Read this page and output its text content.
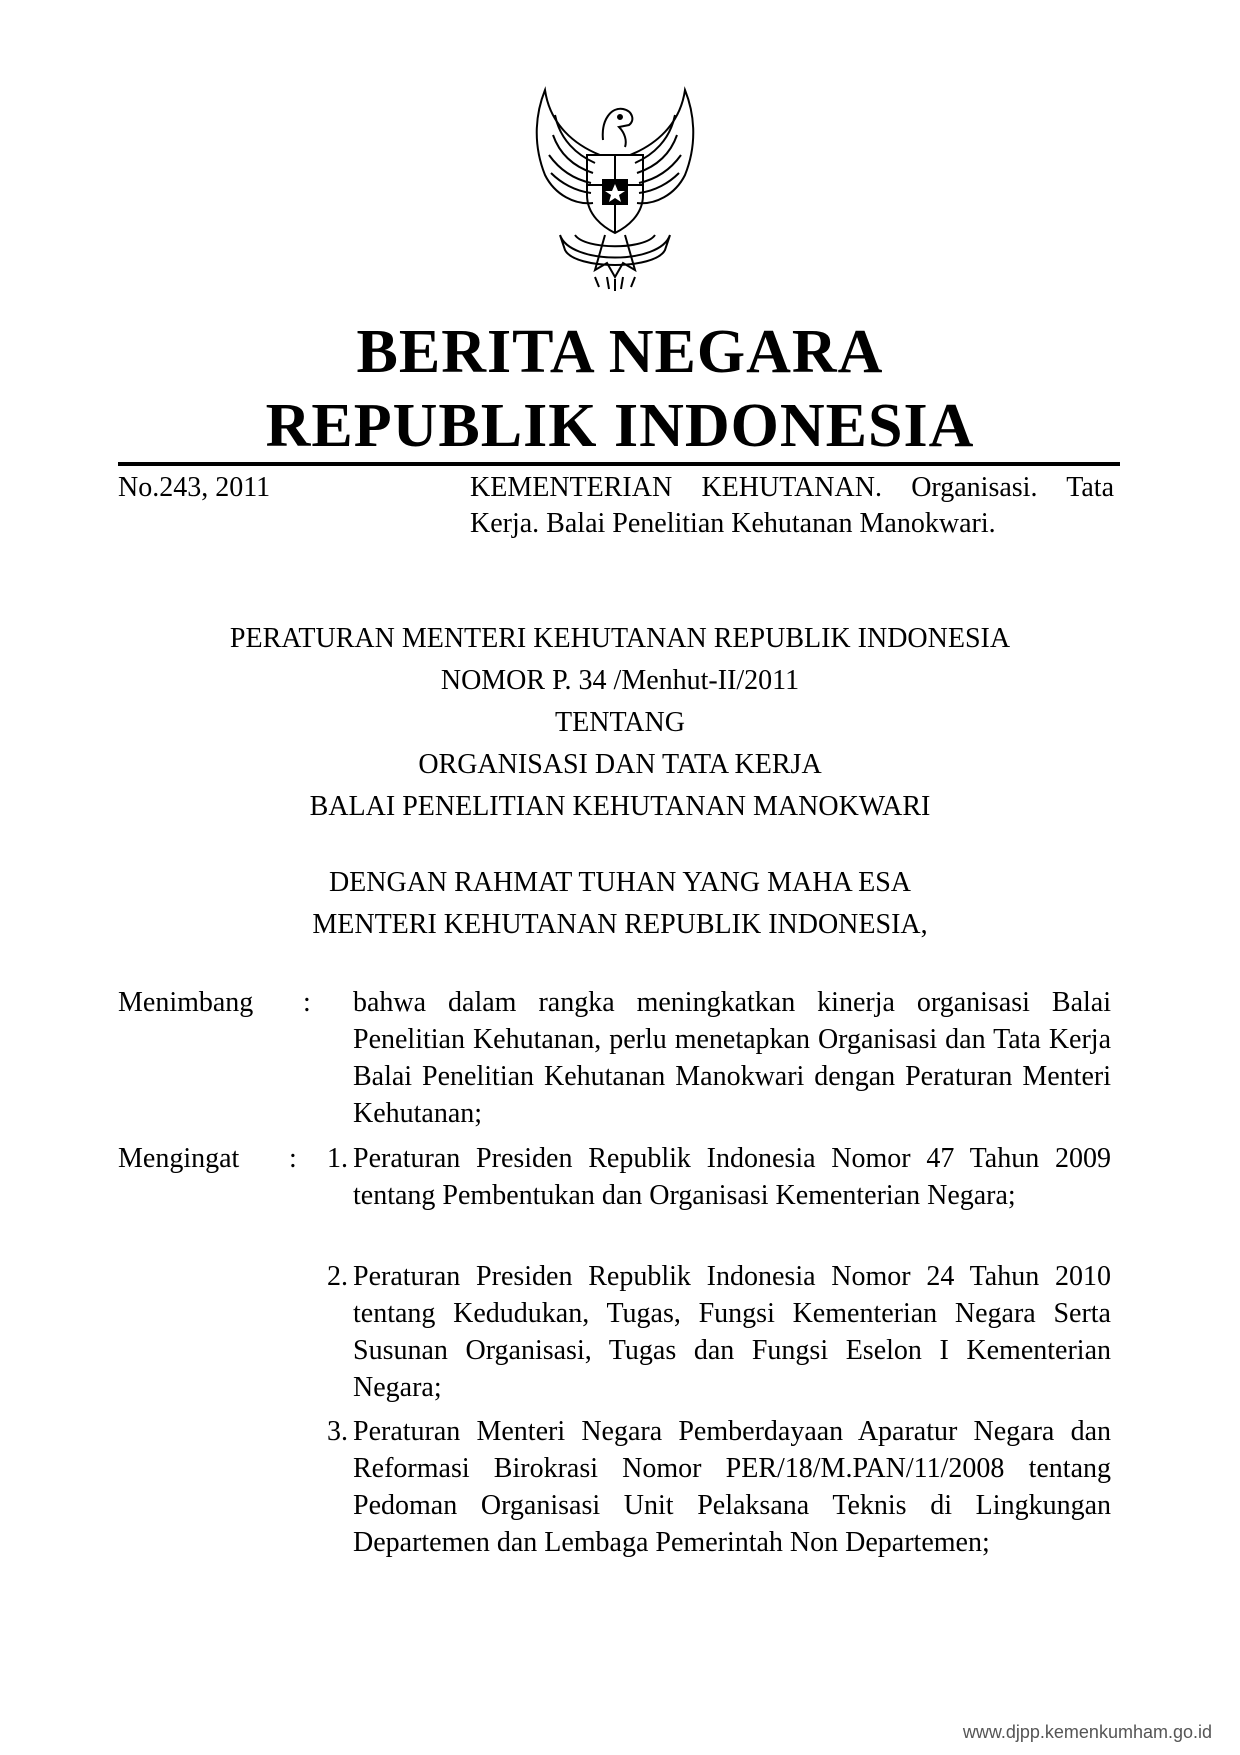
BERITA NEGARA
REPUBLIK INDONESIA
No.243, 2011	KEMENTERIAN KEHUTANAN. Organisasi. Tata Kerja. Balai Penelitian Kehutanan Manokwari.
PERATURAN MENTERI KEHUTANAN REPUBLIK INDONESIA
NOMOR P. 34 /Menhut-II/2011
TENTANG
ORGANISASI DAN TATA KERJA
BALAI PENELITIAN KEHUTANAN MANOKWARI
DENGAN RAHMAT TUHAN YANG MAHA ESA
MENTERI KEHUTANAN REPUBLIK INDONESIA,
Menimbang : bahwa dalam rangka meningkatkan kinerja organisasi Balai Penelitian Kehutanan, perlu menetapkan Organisasi dan Tata Kerja Balai Penelitian Kehutanan Manokwari dengan Peraturan Menteri Kehutanan;
Mengingat :	1. Peraturan Presiden Republik Indonesia Nomor 47 Tahun 2009 tentang Pembentukan dan Organisasi Kementerian Negara;
2. Peraturan Presiden Republik Indonesia Nomor 24 Tahun 2010 tentang Kedudukan, Tugas, Fungsi Kementerian Negara Serta Susunan Organisasi, Tugas dan Fungsi Eselon I Kementerian Negara;
3. Peraturan Menteri Negara Pemberdayaan Aparatur Negara dan Reformasi Birokrasi Nomor PER/18/M.PAN/11/2008 tentang Pedoman Organisasi Unit Pelaksana Teknis di Lingkungan Departemen dan Lembaga Pemerintah Non Departemen;
www.djpp.kemenkumham.go.id
